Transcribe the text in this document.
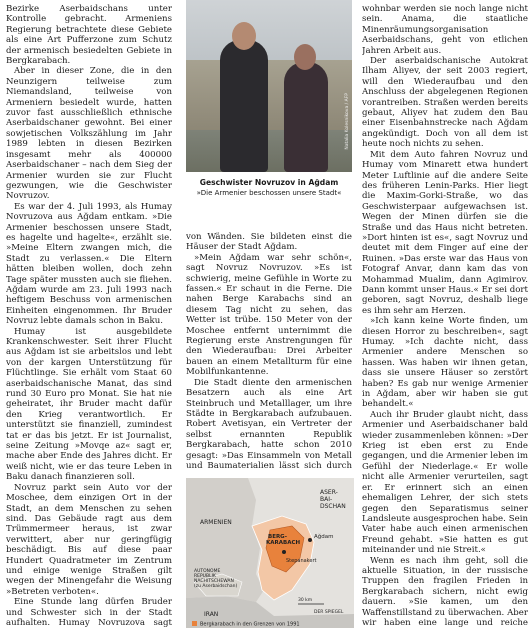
Bezirke Aserbaidschans unter Kontrolle gebracht. Armeniens Regierung betrachtete diese Gebiete als eine Art Pufferzone zum Schutz der armenisch besiedelten Gebiete in Bergkarabach.

Aber in dieser Zone, die in den Neunzigern teilweise zum Niemandsland, teilweise von Armeniern besiedelt wurde, hatten zuvor fast ausschließlich ethnische Aserbaidschaner gewohnt. Bei einer sowjetischen Volkszählung im Jahr 1989 lebten in diesen Bezirken insgesamt mehr als 400000 Aserbaidschaner – nach dem Sieg der Armenier wurden sie zur Flucht gezwungen, wie die Geschwister Novruzov.

Es war der 4. Juli 1993, als Humay Novruzova aus Ağdam entkam. »Die Armenier beschossen unsere Stadt, es hagelte und hagelte«, erzählt sie. »Meine Eltern zwangen mich, die Stadt zu verlassen.« Die Eltern hätten bleiben wollen, doch zehn Tage später mussten auch sie fliehen. Ağdam wurde am 23. Juli 1993 nach heftigem Beschuss von armenischen Einheiten eingenommen. Ihr Bruder Novruz lebte damals schon in Baku.

Humay ist ausgebildete Krankenschwester. Seit ihrer Flucht aus Ağdam ist sie arbeitslos und lebt von der kargen Unterstützung für Flüchtlinge. Sie erhält vom Staat 60 aserbaidschanische Manat, das sind rund 30 Euro pro Monat. Sie hat nie geheiratet, ihr Bruder macht dafür den Krieg verantwortlich. Er unterstützt sie finanziell, zumindest tat er das bis jetzt. Er ist Journalist, seine Zeitung »Movqe az« sagt er, mache aber Ende des Jahres dicht. Er weiß nicht, wie er das teure Leben in Baku danach finanzieren soll.

Novruz parkt sein Auto vor der Moschee, dem einzigen Ort in der Stadt, an dem Menschen zu sehen sind. Das Gebäude ragt aus dem Trümmermeer heraus, ist zwar verwittert, aber nur geringfügig beschädigt. Bis auf diese paar Hundert Quadratmeter im Zentrum und einige wenige Straßen gilt wegen der Minengefahr die Weisung »Betreten verboten«.

Eine Stunde lang dürfen Bruder und Schwester sich in der Stadt aufhalten. Humay Novruzova sagt

Natalia Kolesnikova / AFP
Geschwister Novruzov in Ağdam
»Die Armenier beschossen unsere Stadt«

von Wänden. Sie bildeten einst die Häuser der Stadt Ağdam.

»Mein Ağdam war sehr schön«, sagt Novruz Novruzov. »Es ist schwierig, meine Gefühle in Worte zu fassen.« Er schaut in die Ferne. Die nahen Berge Karabachs sind an diesem Tag nicht zu sehen, das Wetter ist trübe. 150 Meter von der Moschee entfernt unternimmt die Regierung erste Anstrengungen für den Wiederaufbau: Drei Arbeiter bauen an einem Metallturm für eine Mobilfunkantenne.

Die Stadt diente den armenischen Besatzern auch als eine Art Steinbruch und Metalllager, um ihre Städte in Bergkarabach aufzubauen. Robert Avetisyan, ein Vertreter der selbst ernannten Republik Bergkarabach, hatte schon 2010 gesagt: »Das Einsammeln von Metall und Baumaterialien lässt sich durch

ASER-BAI-DSCHAN
ARMENIEN
BERG-KARABACH
Stepanakert
Ağdam
AUTONOME REPUBLIK NACHITSCHEWAN (zu Aserbaidschan)
IRAN
30 km
DER SPIEGEL
Bergkarabach in den Grenzen von 1991

wohnbar werden sie noch lange nicht sein. Anama, die staatliche Minenräumungsorganisation Aserbaidschans, geht von etlichen Jahren Arbeit aus.

Der aserbaidschanische Autokrat Ilham Aliyev, der seit 2003 regiert, will den Wiederaufbau und den Anschluss der abgelegenen Regionen vorantreiben. Straßen werden bereits gebaut, Aliyev hat zudem den Bau einer Eisenbahnstrecke nach Ağdam angekündigt. Doch von all dem ist heute noch nichts zu sehen.

Mit dem Auto fahren Novruz und Humay vom Minarett etwa hundert Meter Luftlinie auf die andere Seite des früheren Lenin-Parks. Hier liegt die Maxim-Gorki-Straße, wo das Geschwisterpaar aufgewachsen ist. Wegen der Minen dürfen sie die Straße und das Haus nicht betreten. »Dort hinten ist es«, sagt Novruz und deutet mit dem Finger auf eine der Ruinen. »Das erste war das Haus von Fotograf Anvar, dann kam das von Mohammad Mualim, dann Agimirov. Dann kommt unser Haus.« Er sei dort geboren, sagt Novruz, deshalb liege es ihm sehr am Herzen.

»Ich kann keine Worte finden, um diesen Horror zu beschreiben«, sagt Humay. »Ich dachte nicht, dass Armenier andere Menschen so hassen. Was haben wir ihnen getan, dass sie unsere Häuser so zerstört haben? Es gab nur wenige Armenier in Ağdam, aber wir haben sie gut behandelt.«

Auch ihr Bruder glaubt nicht, dass Armenier und Aserbaidschaner bald wieder zusammenleben können: »Der Krieg ist eben erst zu Ende gegangen, und die Armenier leben im Gefühl der Niederlage.« Er wolle nicht alle Armenier verurteilen, sagt er. Er erinnert sich an einen ehemaligen Lehrer, der sich stets gegen den Separatismus seiner Landsleute ausgesprochen habe. Sein Vater habe auch einen armenischen Freund gehabt. »Sie hatten es gut miteinander und nie Streit.«

Wenn es nach ihm geht, soll die aktuelle Situation, in der russische Truppen den fragilen Frieden in Bergkarabach sichern, nicht ewig dauern. »Sie kamen, um den Waffenstillstand zu überwachen. Aber wir haben eine lange und reiche
